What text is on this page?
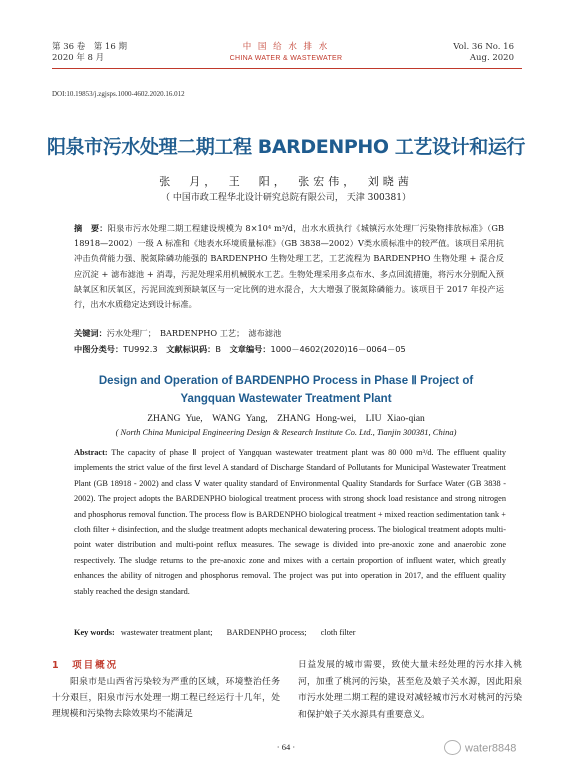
第 36 卷　第 16 期
2020 年 8 月
中 国 给 水 排 水
CHINA WATER & WASTEWATER
Vol. 36 No. 16
Aug. 2020
DOI:10.19853/j.zgjsps.1000-4602.2020.16.012
阳泉市污水处理二期工程 BARDENPHO 工艺设计和运行
张　月，　王　阳，　张宏伟，　刘晓茜
（ 中国市政工程华北设计研究总院有限公司， 天津 300381）
摘　要：阳泉市污水处理二期工程建设规模为 8×10⁴ m³/d，出水水质执行《城镇污水处理厂污染物排放标准》（GB 18918—2002）一级 A 标准和《地表水环境质量标准》（GB 3838—2002）Ⅴ类水质标准中的较严值。该项目采用抗冲击负荷能力强、脱氮除磷功能强的 BARDENPHO 生物处理工艺，工艺流程为 BARDENPHO 生物处理 + 混合反应沉淀 + 滤布滤池 + 消毒，污泥处理采用机械脱水工艺。生物处理采用多点布水、多点回流措施，将污水分别配入预缺氧区和厌氧区，污泥回流到预缺氧区与一定比例的进水混合，大大增强了脱氮除磷能力。该项目于 2017 年投产运行，出水水质稳定达到设计标准。
关键词：污水处理厂；　BARDENPHO 工艺；　滤布滤池
中图分类号：TU992.3 文献标识码：B 文章编号：1000－4602(2020)16－0064－05
Design and Operation of BARDENPHO Process in Phase Ⅱ Project of
Yangquan Wastewater Treatment Plant
ZHANG Yue,　WANG Yang,　ZHANG Hong-wei,　LIU Xiao-qian
( North China Municipal Engineering Design & Research Institute Co. Ltd., Tianjin 300381, China)
Abstract: The capacity of phase Ⅱ project of Yangquan wastewater treatment plant was 80 000 m³/d. The effluent quality implements the strict value of the first level A standard of Discharge Standard of Pollutants for Municipal Wastewater Treatment Plant (GB 18918 - 2002) and class Ⅴ water quality standard of Environmental Quality Standards for Surface Water (GB 3838 - 2002). The project adopts the BARDENPHO biological treatment process with strong shock load resistance and strong nitrogen and phosphorus removal function. The process flow is BARDENPHO biological treatment + mixed reaction sedimentation tank + cloth filter + disinfection, and the sludge treatment adopts mechanical dewatering process. The biological treatment adopts multi-point water distribution and multi-point reflux measures. The sewage is divided into pre-anoxic zone and anaerobic zone respectively. The sludge returns to the pre-anoxic zone and mixes with a certain proportion of influent water, which greatly enhances the ability of nitrogen and phosphorus removal. The project was put into operation in 2017, and the effluent quality stably reached the design standard.
Key words: wastewater treatment plant; BARDENPHO process; cloth filter
1　项目概况
阳泉市是山西省污染较为严重的区域，环境整治任务十分艰巨，阳泉市污水处理一期工程已经运行十几年，处理规模和污染物去除效果均不能满足
日益发展的城市需要，致使大量未经处理的污水排入桃河，加重了桃河的污染，甚至危及娘子关水源，因此阳泉市污水处理二期工程的建设对减轻城市污水对桃河的污染和保护娘子关水源具有重要意义。
· 64 ·	water8848
